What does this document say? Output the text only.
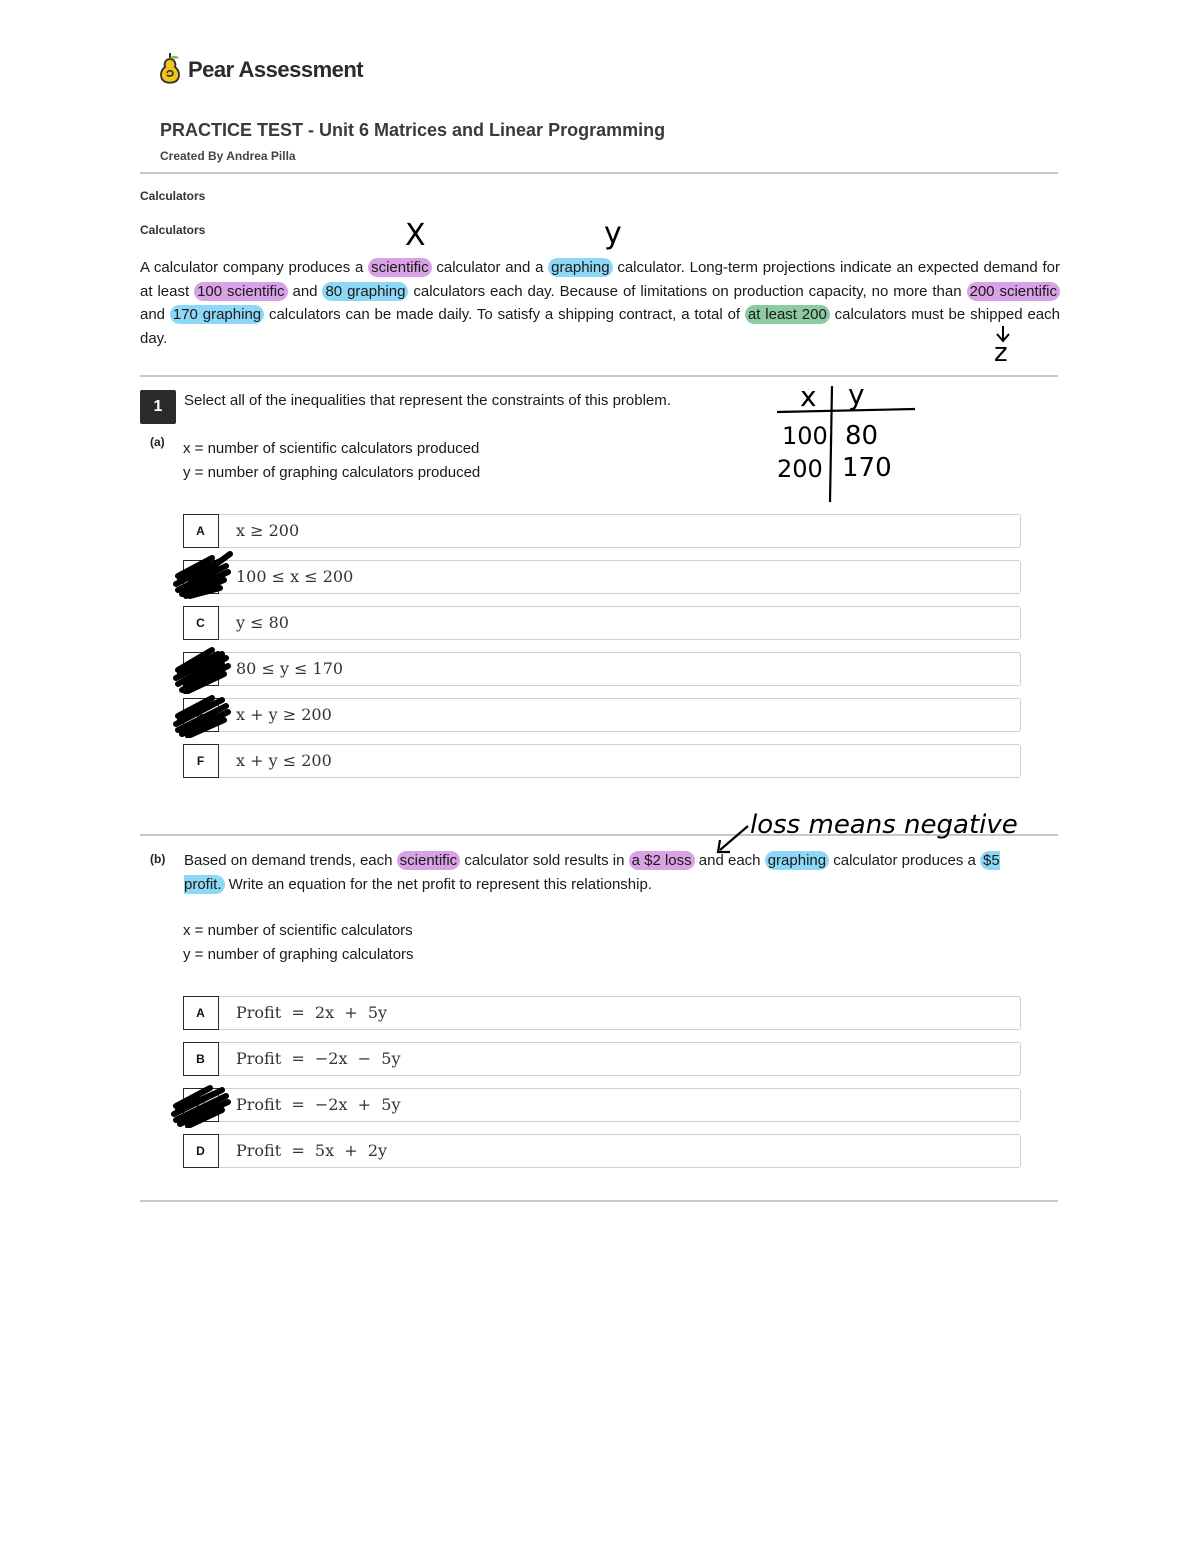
Pear Assessment
PRACTICE TEST - Unit 6 Matrices and Linear Programming
Created By Andrea Pilla
Calculators
Calculators
A calculator company produces a scientific calculator and a graphing calculator. Long-term projections indicate an expected demand for at least 100 scientific and 80 graphing calculators each day. Because of limitations on production capacity, no more than 200 scientific and 170 graphing calculators can be made daily. To satisfy a shipping contract, a total of at least 200 calculators must be shipped each day.
X	y
z
1	Select all of the inequalities that represent the constraints of this problem.	x y
100 80
200 170
(a) x = number of scientific calculators produced
y = number of graphing calculators produced
A	x ≥ 200
B	100 ≤ x ≤ 200
C	y ≤ 80
D	80 ≤ y ≤ 170
E	x + y ≥ 200
F	x + y ≤ 200
loss means negative
(b) Based on demand trends, each scientific calculator sold results in a $2 loss and each graphing calculator produces a $5 profit. Write an equation for the net profit to represent this relationship.
x = number of scientific calculators
y = number of graphing calculators
A	Profit  =  2x  +  5y
B	Profit  =  −2x  −  5y
C	Profit  =  −2x  +  5y
D	Profit  =  5x  +  2y
